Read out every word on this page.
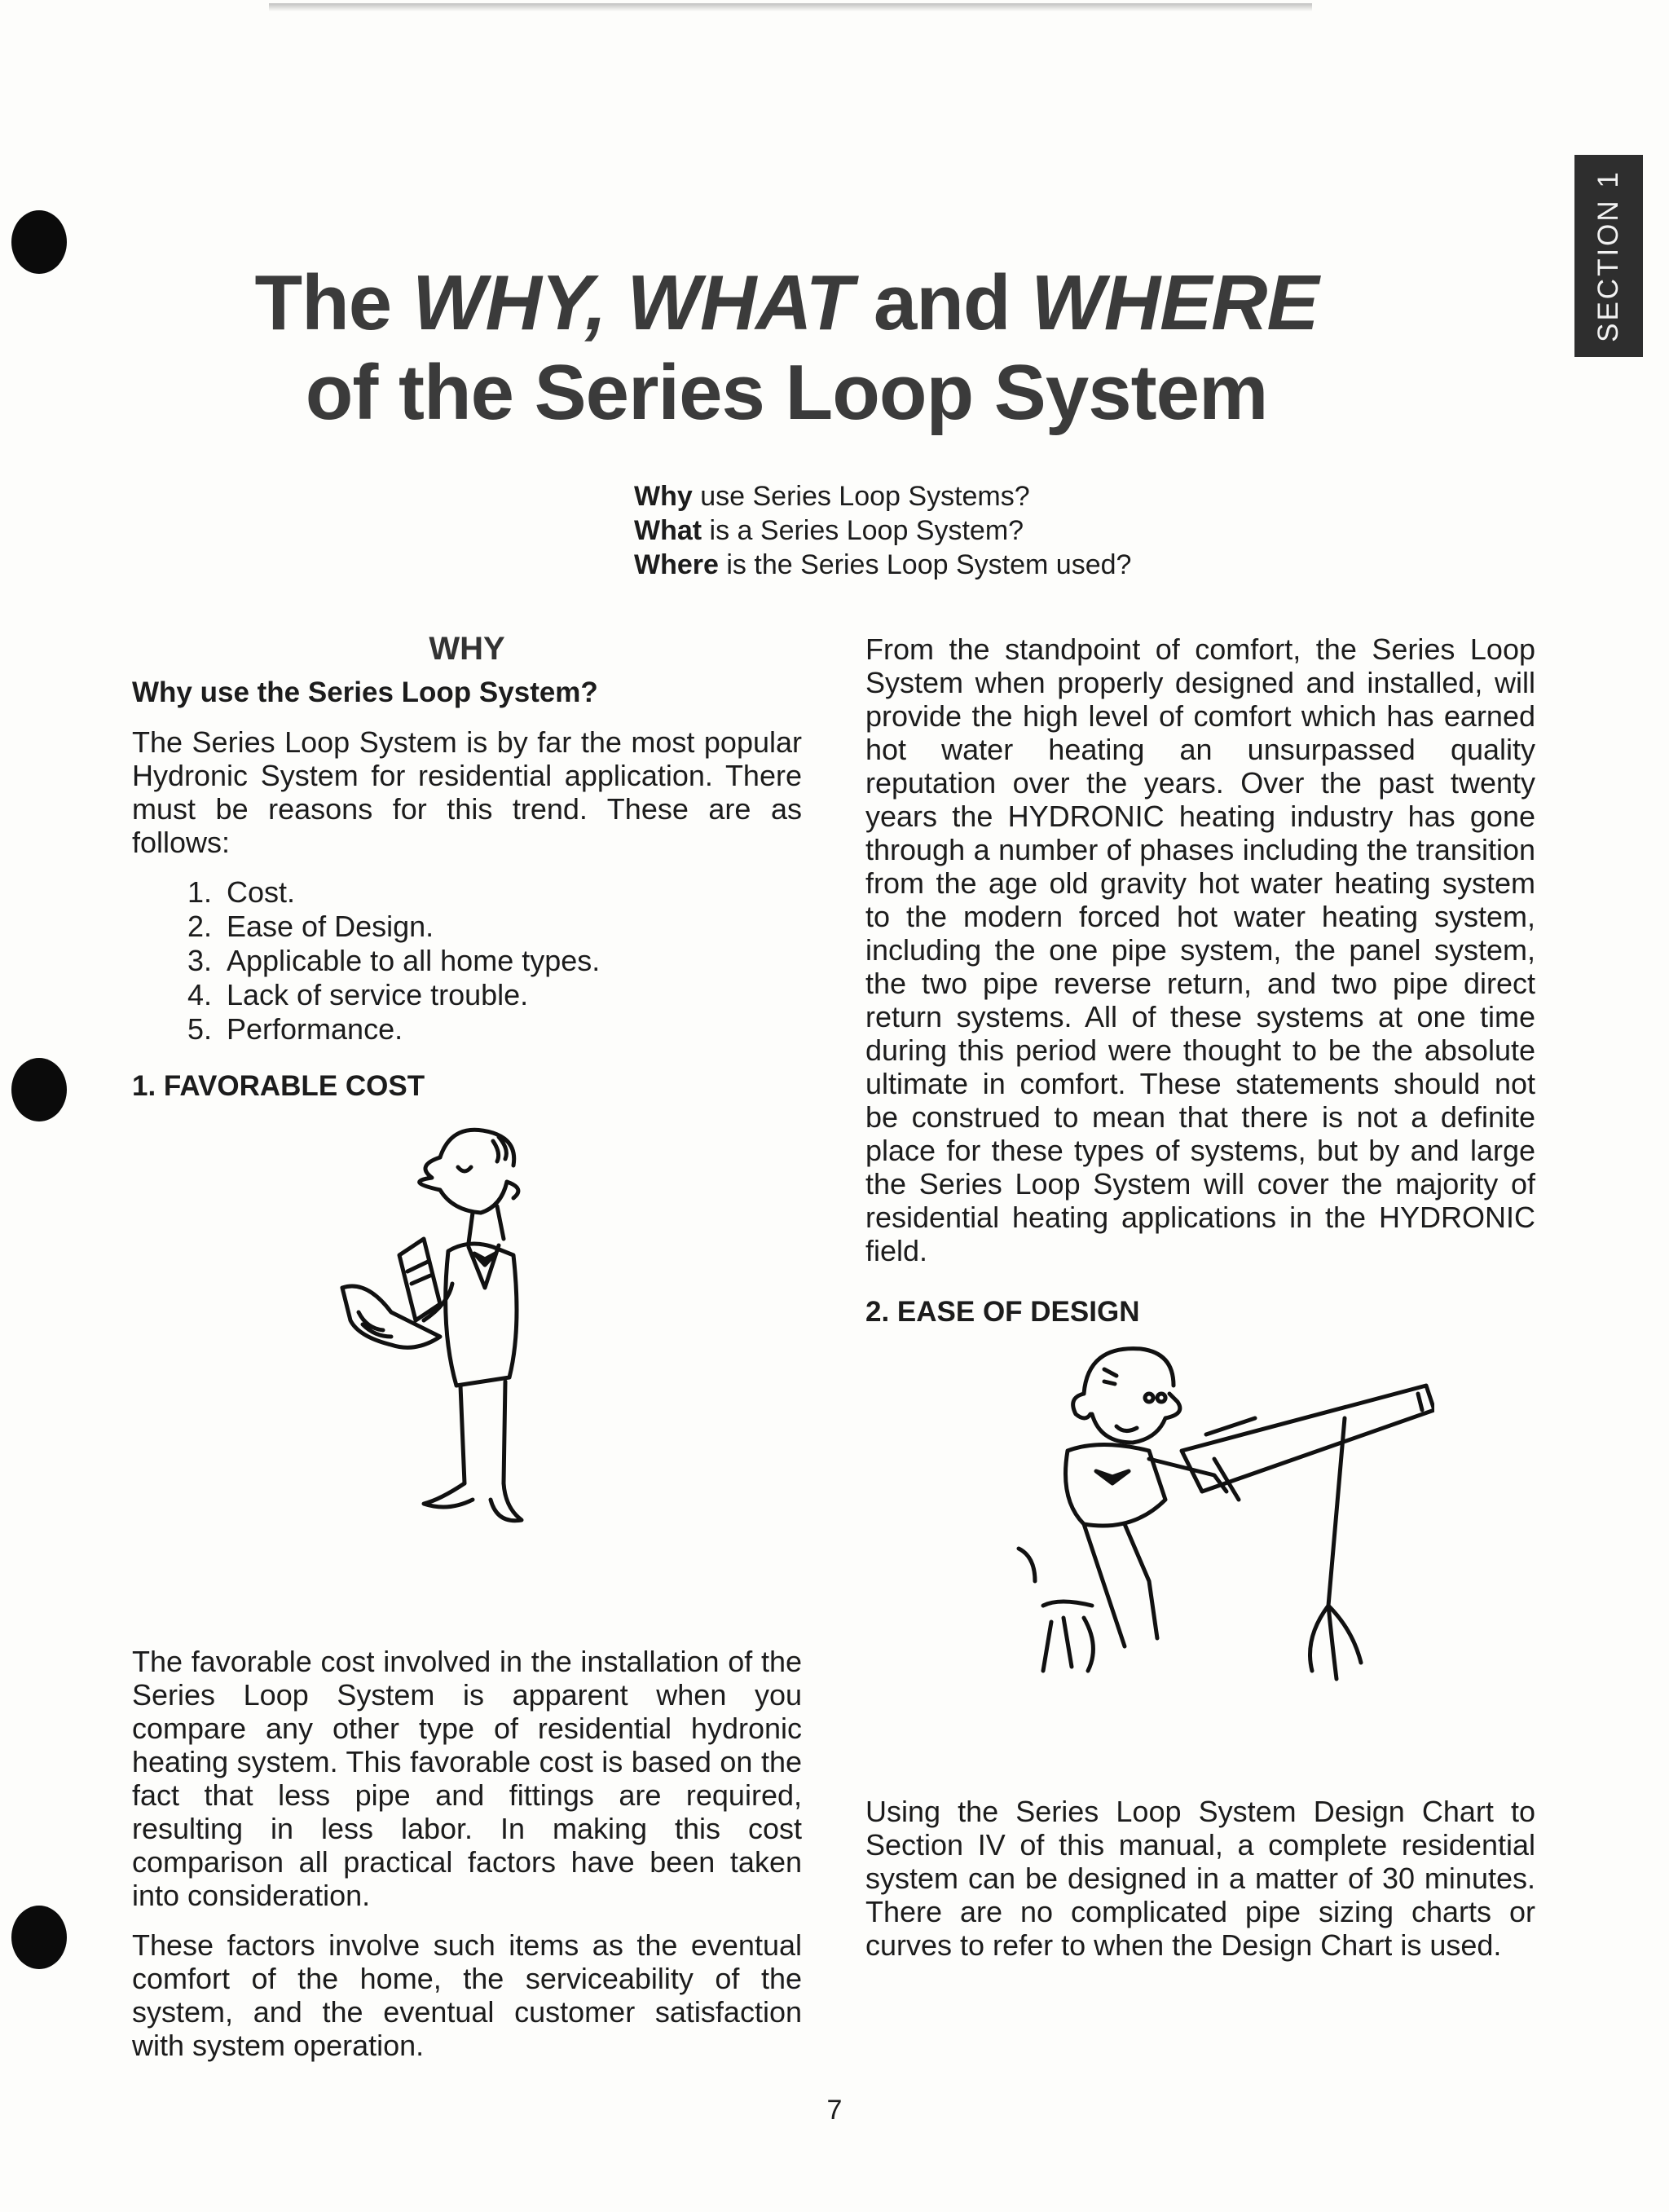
SECTION 1
The WHY, WHAT and WHERE
of the Series Loop System
Why use Series Loop Systems?
What is a Series Loop System?
Where is the Series Loop System used?
WHY
Why use the Series Loop System?

The Series Loop System is by far the most popular Hydronic System for residential application. There must be reasons for this trend. These are as follows:

1. Cost.
2. Ease of Design.
3. Applicable to all home types.
4. Lack of service trouble.
5. Performance.
1. FAVORABLE COST

The favorable cost involved in the installation of the Series Loop System is apparent when you compare any other type of residential hydronic heating system. This favorable cost is based on the fact that less pipe and fittings are required, resulting in less labor. In making this cost comparison all practical factors have been taken into consideration.

These factors involve such items as the eventual comfort of the home, the serviceability of the system, and the eventual customer satisfaction with system operation.

From the standpoint of comfort, the Series Loop System when properly designed and installed, will provide the high level of comfort which has earned hot water heating an unsurpassed quality reputation over the years. Over the past twenty years the HYDRONIC heating industry has gone through a number of phases including the transition from the age old gravity hot water heating system to the modern forced hot water heating system, including the one pipe system, the panel system, the two pipe reverse return, and two pipe direct return systems. All of these systems at one time during this period were thought to be the absolute ultimate in comfort. These statements should not be construed to mean that there is not a definite place for these types of systems, but by and large the Series Loop System will cover the majority of residential heating applications in the HYDRONIC field.

2. EASE OF DESIGN

Using the Series Loop System Design Chart to Section IV of this manual, a complete residential system can be designed in a matter of 30 minutes. There are no complicated pipe sizing charts or curves to refer to when the Design Chart is used.

7
